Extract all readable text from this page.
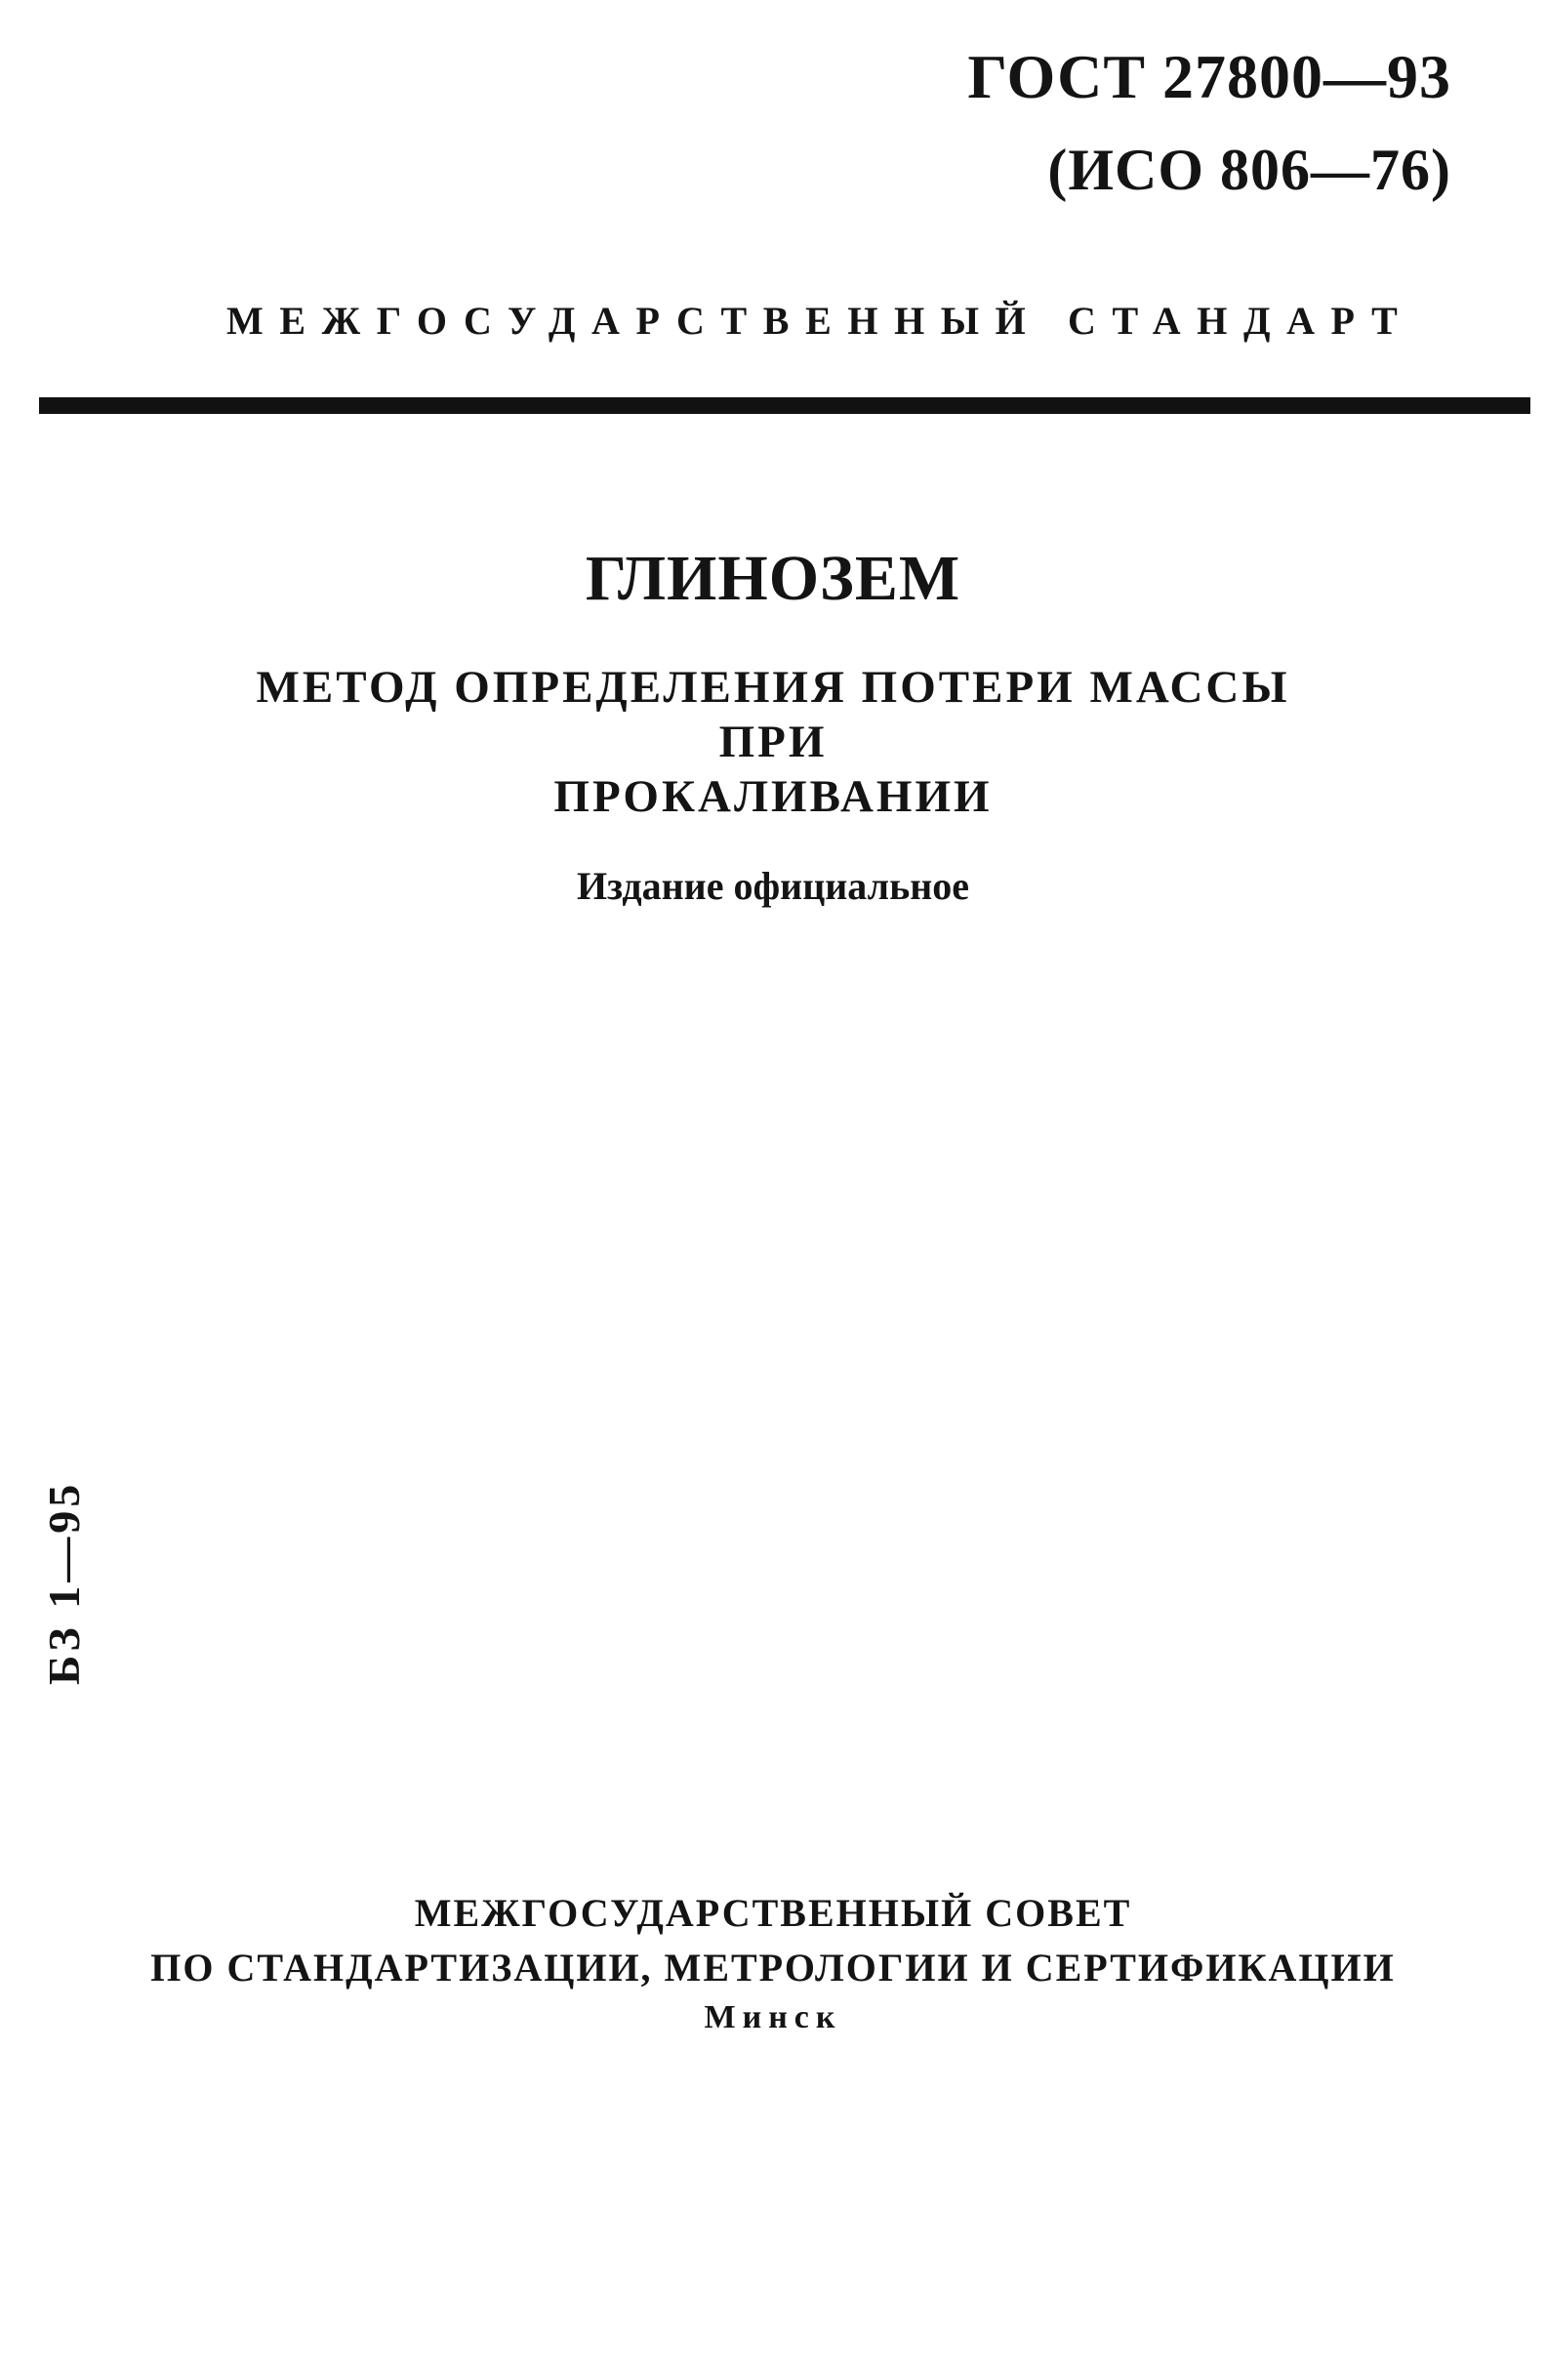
ГОСТ 27800—93
(ИСО 806—76)
МЕЖГОСУДАРСТВЕННЫЙ СТАНДАРТ
ГЛИНОЗЕМ
МЕТОД ОПРЕДЕЛЕНИЯ ПОТЕРИ МАССЫ ПРИ
ПРОКАЛИВАНИИ
Издание официальное
БЗ 1—95
МЕЖГОСУДАРСТВЕННЫЙ СОВЕТ
ПО СТАНДАРТИЗАЦИИ, МЕТРОЛОГИИ И СЕРТИФИКАЦИИ
Минск
